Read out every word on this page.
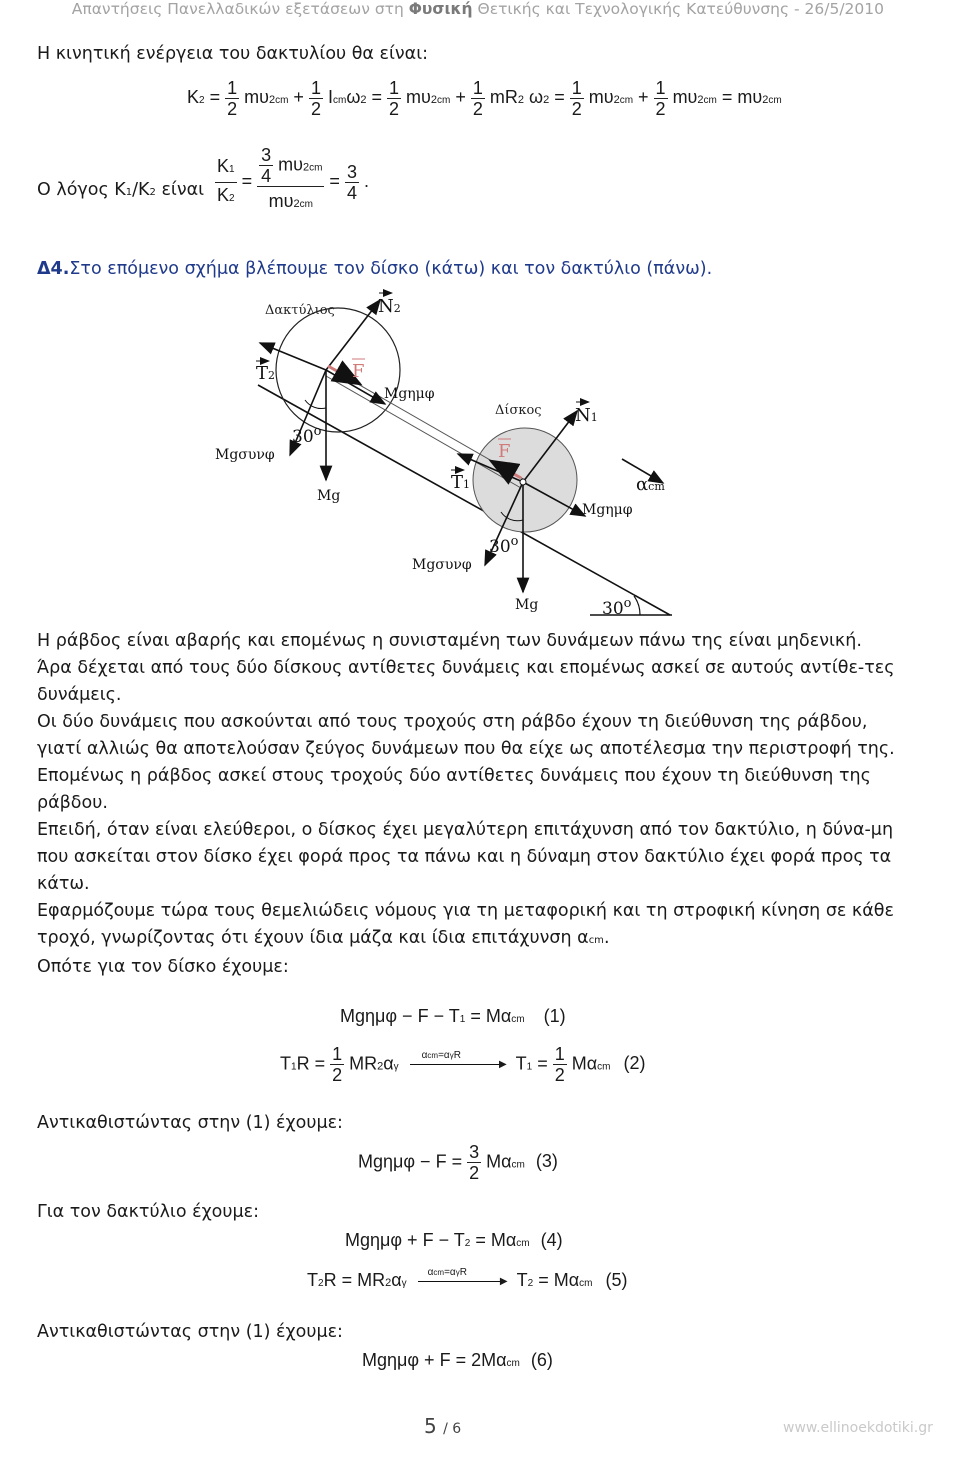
Απαντήσεις Πανελλαδικών εξετάσεων στη Φυσική Θετικής και Τεχνολογικής Κατεύθυνσης - 26/5/2010
Η κινητική ενέργεια του δακτυλίου θα είναι:
$K2 = \frac{1}{2} m\upsilon 2cm + \frac{1}{2} Icm\omega 2 = \frac{1}{2} m\upsilon 2cm + \frac{1}{2} mR2$ $\omega 2 = \frac{1}{2} m\upsilon 2cm + \frac{1}{2} m\upsilon 2cm = m\upsilon 2cm$
Ο λόγος Κ1/Κ2 είναι $\frac{K1}{K2} = \frac{\frac{3}{4} m\upsilon 2cm}{m\upsilon 2cm} = \frac{3}{4}$ .
Δ4.Στο επόμενο σχήμα βλέπουμε τον δίσκο (κάτω) και τον δακτύλιο (πάνω).
Δακτύλιος
Δίσκος
N2
N1
T2
T1
F
F
Mgημφ
Mgσυνφ
Mg
30$^o$
Mgημφ
Mgσυνφ
Mg
30$^o$
30$^o$
αcm

Η ράβδος είναι αβαρής και επομένως η συνισταμένη των δυνάμεων πάνω της είναι μηδενική. Άρα δέχεται από τους δύο δίσκους αντίθετες δυνάμεις και επομένως ασκεί σε αυτούς αντίθε-τες δυνάμεις.

Οι δύο δυνάμεις που ασκούνται από τους τροχούς στη ράβδο έχουν τη διεύθυνση της ράβδου, γιατί αλλιώς θα αποτελούσαν ζεύγος δυνάμεων που θα είχε ως αποτέλεσμα την περιστροφή της.

Επομένως η ράβδος ασκεί στους τροχούς δύο αντίθετες δυνάμεις που έχουν τη διεύθυνση της ράβδου.

Επειδή, όταν είναι ελεύθεροι, ο δίσκος έχει μεγαλύτερη επιτάχυνση από τον δακτύλιο, η δύνα-μη που ασκείται στον δίσκο έχει φορά προς τα πάνω και η δύναμη στον δακτύλιο έχει φορά προς τα κάτω.

Εφαρμόζουμε τώρα τους θεμελιώδεις νόμους για τη μεταφορική και τη στροφική κίνηση σε κάθε τροχό, γνωρίζοντας ότι έχουν ίδια μάζα και ίδια επιτάχυνση αcm.

Οπότε για τον δίσκο έχουμε:

Mgημφ − F − T1 = Mαcm (1)
$T1R = \frac{1}{2} MR2\alpha\gamma$
αcm=αγR
▶ $T1 = \frac{1}{2}$ Mαcm (2)
Αντικαθιστώντας στην (1) έχουμε:
$Mg\eta\mu\varphi - F = \frac{3}{2}$ Mαcm (3)
Για τον δακτύλιο έχουμε:
Mgημφ + F − T2 = Mαcm (4)
T2R = MR2αγ
αcm=αγR
▶ T2 = Mαcm (5)
Αντικαθιστώντας στην (1) έχουμε:
Mgημφ + F = 2Mαcm (6)
5 / 6	www.ellinoekdotiki.gr
